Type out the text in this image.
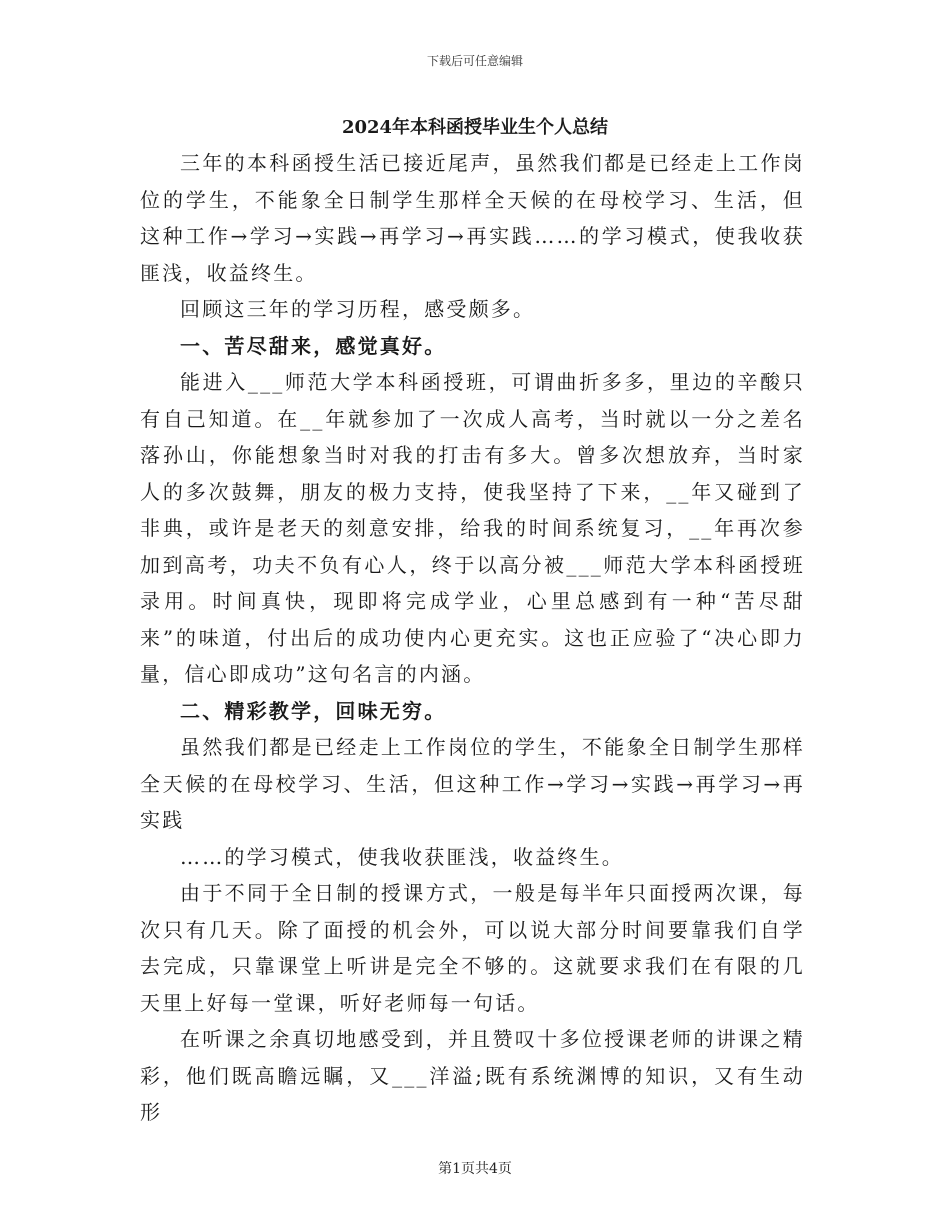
下载后可任意编辑
2024年本科函授毕业生个人总结

三年的本科函授生活已接近尾声，虽然我们都是已经走上工作岗位的学生，不能象全日制学生那样全天候的在母校学习、生活，但这种工作→学习→实践→再学习→再实践……的学习模式，使我收获匪浅，收益终生。

回顾这三年的学习历程，感受颇多。

一、苦尽甜来，感觉真好。

能进入___师范大学本科函授班，可谓曲折多多，里边的辛酸只有自己知道。在__年就参加了一次成人高考，当时就以一分之差名落孙山，你能想象当时对我的打击有多大。曾多次想放弃，当时家人的多次鼓舞，朋友的极力支持，使我坚持了下来，__年又碰到了非典，或许是老天的刻意安排，给我的时间系统复习，__年再次参加到高考，功夫不负有心人，终于以高分被___师范大学本科函授班录用。时间真快，现即将完成学业，心里总感到有一种“苦尽甜来”的味道，付出后的成功使内心更充实。这也正应验了“决心即力量，信心即成功”这句名言的内涵。

二、精彩教学，回味无穷。

虽然我们都是已经走上工作岗位的学生，不能象全日制学生那样全天候的在母校学习、生活，但这种工作→学习→实践→再学习→再实践

……的学习模式，使我收获匪浅，收益终生。

由于不同于全日制的授课方式，一般是每半年只面授两次课，每次只有几天。除了面授的机会外，可以说大部分时间要靠我们自学去完成，只靠课堂上听讲是完全不够的。这就要求我们在有限的几天里上好每一堂课，听好老师每一句话。

在听课之余真切地感受到，并且赞叹十多位授课老师的讲课之精彩，他们既高瞻远瞩，又___洋溢;既有系统渊博的知识，又有生动形

第1页共4页
